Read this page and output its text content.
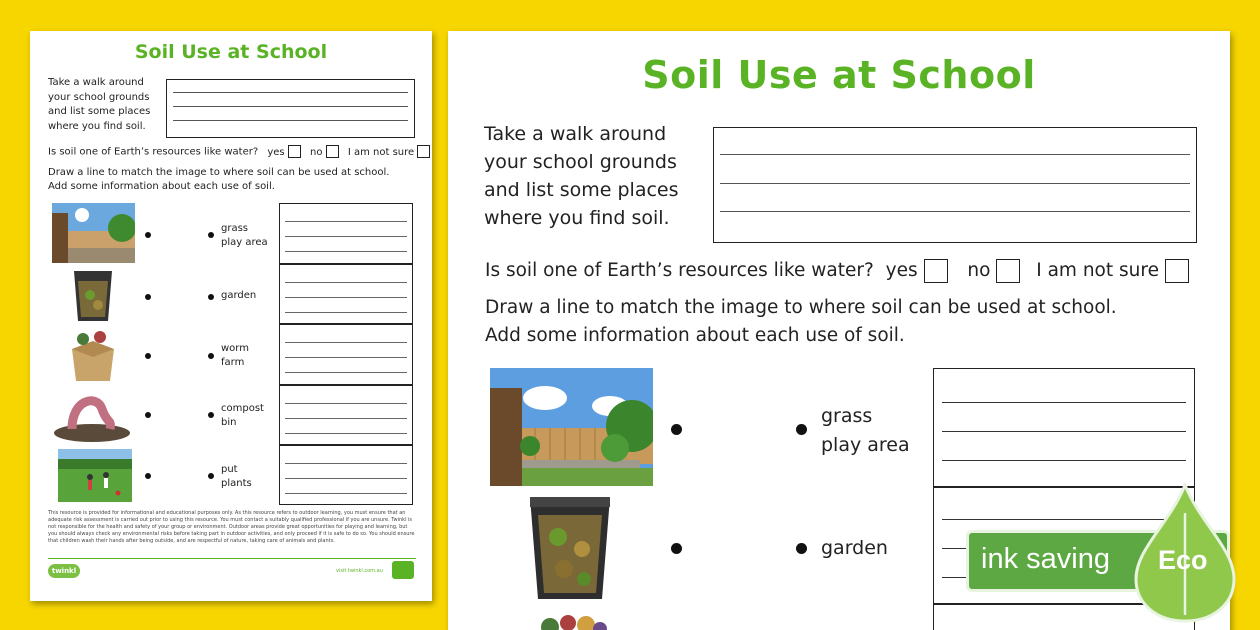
Soil Use at School
Take a walk around
your school grounds
and list some places
where you find soil.
Is soil one of Earth’s resources like water? yes	no	I am not sure
Draw a line to match the image to where soil can be used at school.
Add some information about each use of soil.
grass
play area
garden
worm
farm
compost
bin
put
plants
This resource is provided for informational and educational purposes only. As this resource refers to outdoor learning, you must ensure that an adequate risk assessment is carried out prior to using this resource. You must contact a suitably qualified professional if you are unsure. Twinkl is not responsible for the health and safety of your group or environment. Outdoor areas provide great opportunities for playing and learning, but you should always check any environmental risks before taking part in outdoor activities, and only proceed if it is safe to do so. You should ensure that children wash their hands after being outside, and are respectful of nature, taking care of animals and plants.
twinkl	visit twinkl.com.au
Soil Use at School
Take a walk around
your school grounds
and list some places
where you find soil.
Is soil one of Earth’s resources like water? yes	no I am not sure
Draw a line to match the image to where soil can be used at school.
Add some information about each use of soil.
grass
play area
garden	ink saving Eco
